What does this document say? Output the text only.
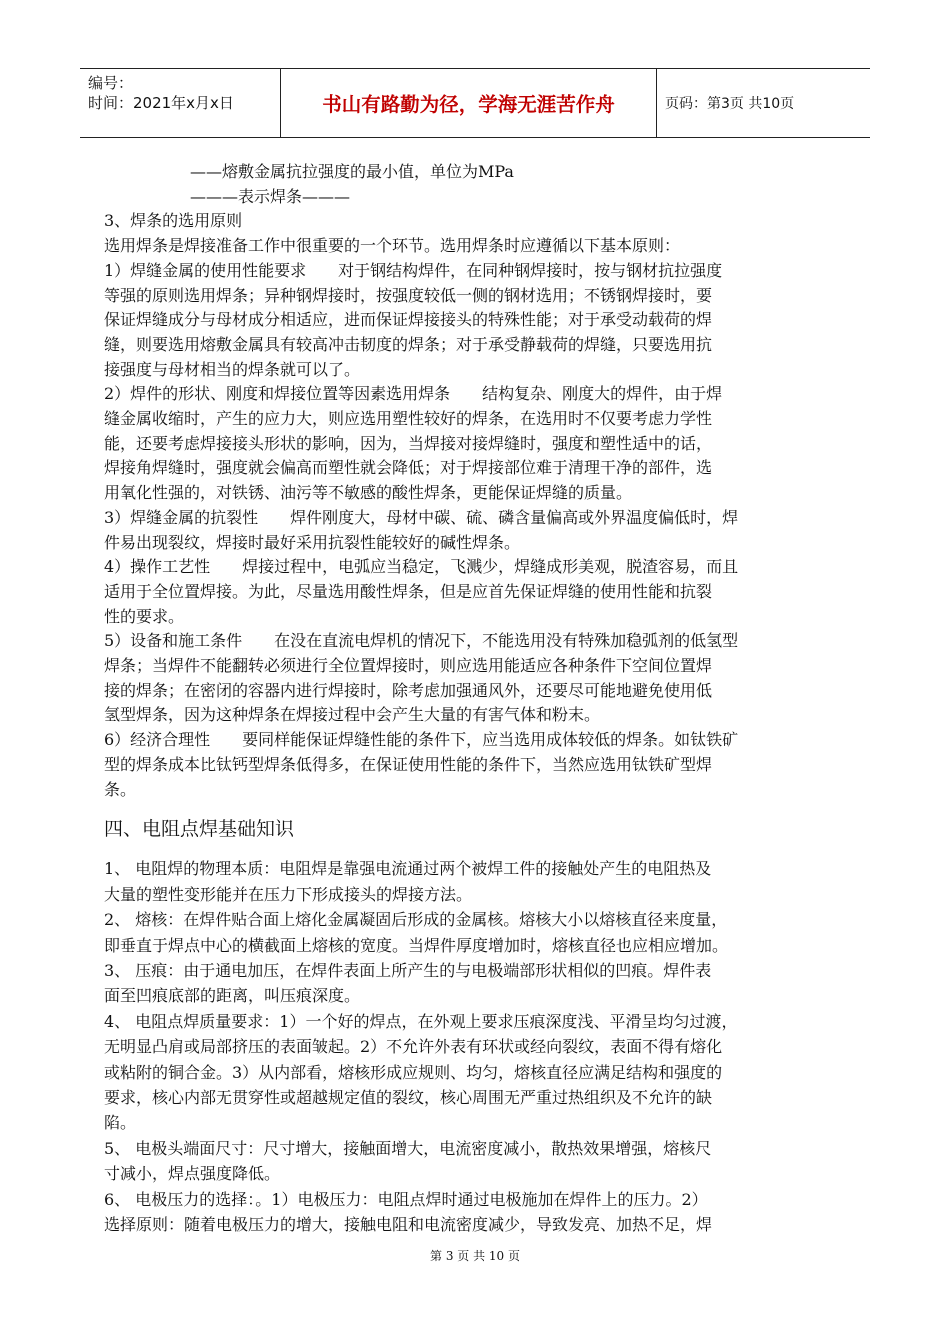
编号：
时间：2021年x月x日	书山有路勤为径，学海无涯苦作舟	页码：第3页 共10页
——熔敷金属抗拉强度的最小值，单位为MPa
———表示焊条———
3、焊条的选用原则
选用焊条是焊接准备工作中很重要的一个环节。选用焊条时应遵循以下基本原则：
1）焊缝金属的使用性能要求　　对于钢结构焊件，在同种钢焊接时，按与钢材抗拉强度
等强的原则选用焊条；异种钢焊接时，按强度较低一侧的钢材选用；不锈钢焊接时，要
保证焊缝成分与母材成分相适应，进而保证焊接接头的特殊性能；对于承受动载荷的焊
缝，则要选用熔敷金属具有较高冲击韧度的焊条；对于承受静载荷的焊缝，只要选用抗
接强度与母材相当的焊条就可以了。
2）焊件的形状、刚度和焊接位置等因素选用焊条　　结构复杂、刚度大的焊件，由于焊
缝金属收缩时，产生的应力大，则应选用塑性较好的焊条，在选用时不仅要考虑力学性
能，还要考虑焊接接头形状的影响，因为，当焊接对接焊缝时，强度和塑性适中的话，
焊接角焊缝时，强度就会偏高而塑性就会降低；对于焊接部位难于清理干净的部件，选
用氧化性强的，对铁锈、油污等不敏感的酸性焊条，更能保证焊缝的质量。
3）焊缝金属的抗裂性　　焊件刚度大，母材中碳、硫、磷含量偏高或外界温度偏低时，焊
件易出现裂纹，焊接时最好采用抗裂性能较好的碱性焊条。
4）操作工艺性　　焊接过程中，电弧应当稳定，飞溅少，焊缝成形美观，脱渣容易，而且
适用于全位置焊接。为此，尽量选用酸性焊条，但是应首先保证焊缝的使用性能和抗裂
性的要求。
5）设备和施工条件　　在没在直流电焊机的情况下，不能选用没有特殊加稳弧剂的低氢型
焊条；当焊件不能翻转必须进行全位置焊接时，则应选用能适应各种条件下空间位置焊
接的焊条；在密闭的容器内进行焊接时，除考虑加强通风外，还要尽可能地避免使用低
氢型焊条，因为这种焊条在焊接过程中会产生大量的有害气体和粉末。
6）经济合理性　　要同样能保证焊缝性能的条件下，应当选用成体较低的焊条。如钛铁矿
型的焊条成本比钛钙型焊条低得多，在保证使用性能的条件下，当然应选用钛铁矿型焊
条。
四、电阻点焊基础知识
1、 电阻焊的物理本质：电阻焊是靠强电流通过两个被焊工件的接触处产生的电阻热及
大量的塑性变形能并在压力下形成接头的焊接方法。
2、 熔核：在焊件贴合面上熔化金属凝固后形成的金属核。熔核大小以熔核直径来度量，
即垂直于焊点中心的横截面上熔核的宽度。当焊件厚度增加时，熔核直径也应相应增加。
3、 压痕：由于通电加压，在焊件表面上所产生的与电极端部形状相似的凹痕。焊件表
面至凹痕底部的距离，叫压痕深度。
4、 电阻点焊质量要求：1）一个好的焊点，在外观上要求压痕深度浅、平滑呈均匀过渡，
无明显凸肩或局部挤压的表面皱起。2）不允许外表有环状或经向裂纹，表面不得有熔化
或粘附的铜合金。3）从内部看，熔核形成应规则、均匀，熔核直径应满足结构和强度的
要求，核心内部无贯穿性或超越规定值的裂纹，核心周围无严重过热组织及不允许的缺
陷。
5、 电极头端面尺寸：尺寸增大，接触面增大，电流密度减小，散热效果增强，熔核尺
寸减小，焊点强度降低。
6、 电极压力的选择：。1）电极压力：电阻点焊时通过电极施加在焊件上的压力。2）
选择原则：随着电极压力的增大，接触电阻和电流密度减少，导致发亮、加热不足，焊
第 3 页 共 10 页
